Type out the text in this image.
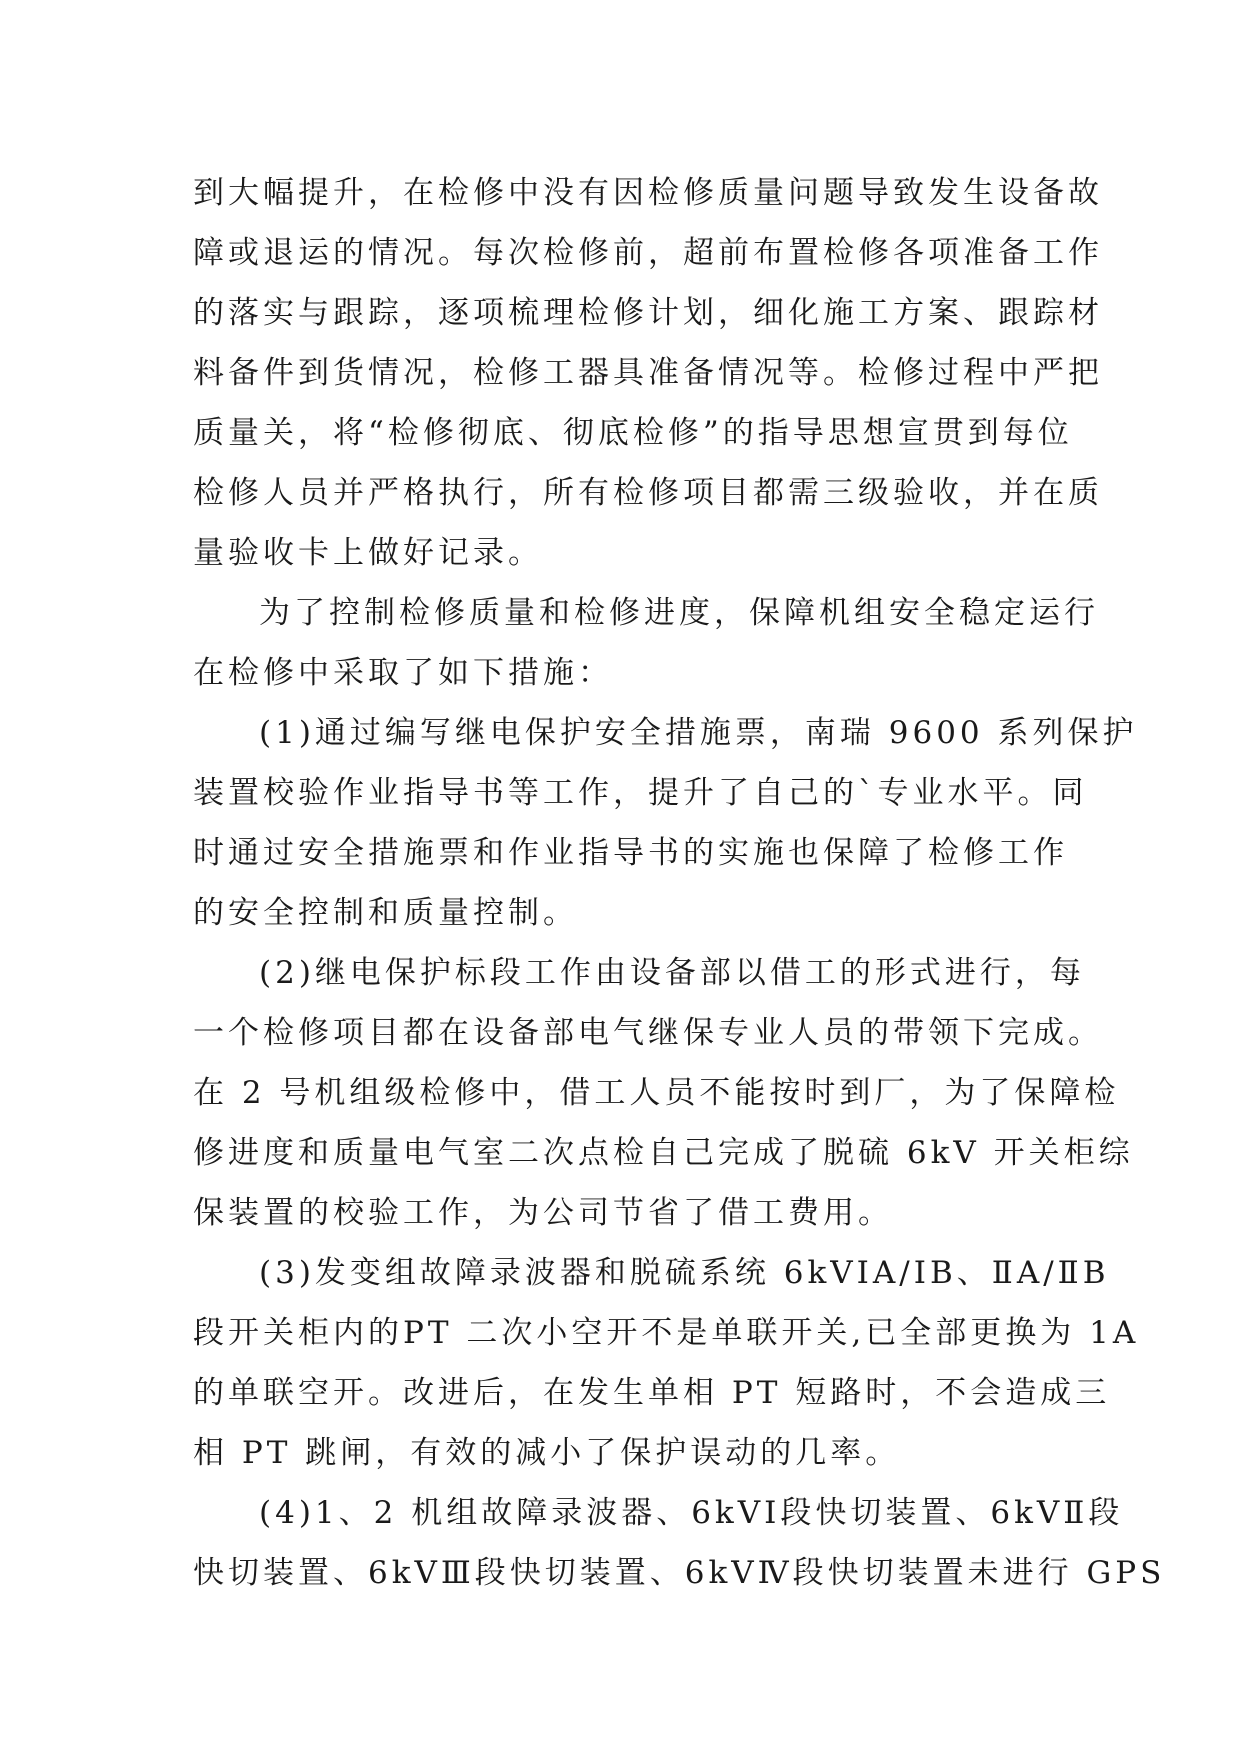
到大幅提升，在检修中没有因检修质量问题导致发生设备故
障或退运的情况。每次检修前，超前布置检修各项准备工作
的落实与跟踪，逐项梳理检修计划，细化施工方案、跟踪材
料备件到货情况，检修工器具准备情况等。检修过程中严把
质量关，将“检修彻底、彻底检修”的指导思想宣贯到每位
检修人员并严格执行，所有检修项目都需三级验收，并在质
量验收卡上做好记录。
为了控制检修质量和检修进度，保障机组安全稳定运行
在检修中采取了如下措施：
(1)通过编写继电保护安全措施票，南瑞 9600 系列保护
装置校验作业指导书等工作，提升了自己的`专业水平。同
时通过安全措施票和作业指导书的实施也保障了检修工作
的安全控制和质量控制。
(2)继电保护标段工作由设备部以借工的形式进行，每
一个检修项目都在设备部电气继保专业人员的带领下完成。
在 2 号机组级检修中，借工人员不能按时到厂，为了保障检
修进度和质量电气室二次点检自己完成了脱硫 6kV 开关柜综
保装置的校验工作，为公司节省了借工费用。
(3)发变组故障录波器和脱硫系统 6kVⅠA/ⅠB、ⅡA/ⅡB
段开关柜内的PT 二次小空开不是单联开关,已全部更换为 1A
的单联空开。改进后，在发生单相 PT 短路时，不会造成三
相 PT 跳闸，有效的减小了保护误动的几率。
(4)1、2 机组故障录波器、6kVⅠ段快切装置、6kVⅡ段
快切装置、6kVⅢ段快切装置、6kVⅣ段快切装置未进行 GPS
